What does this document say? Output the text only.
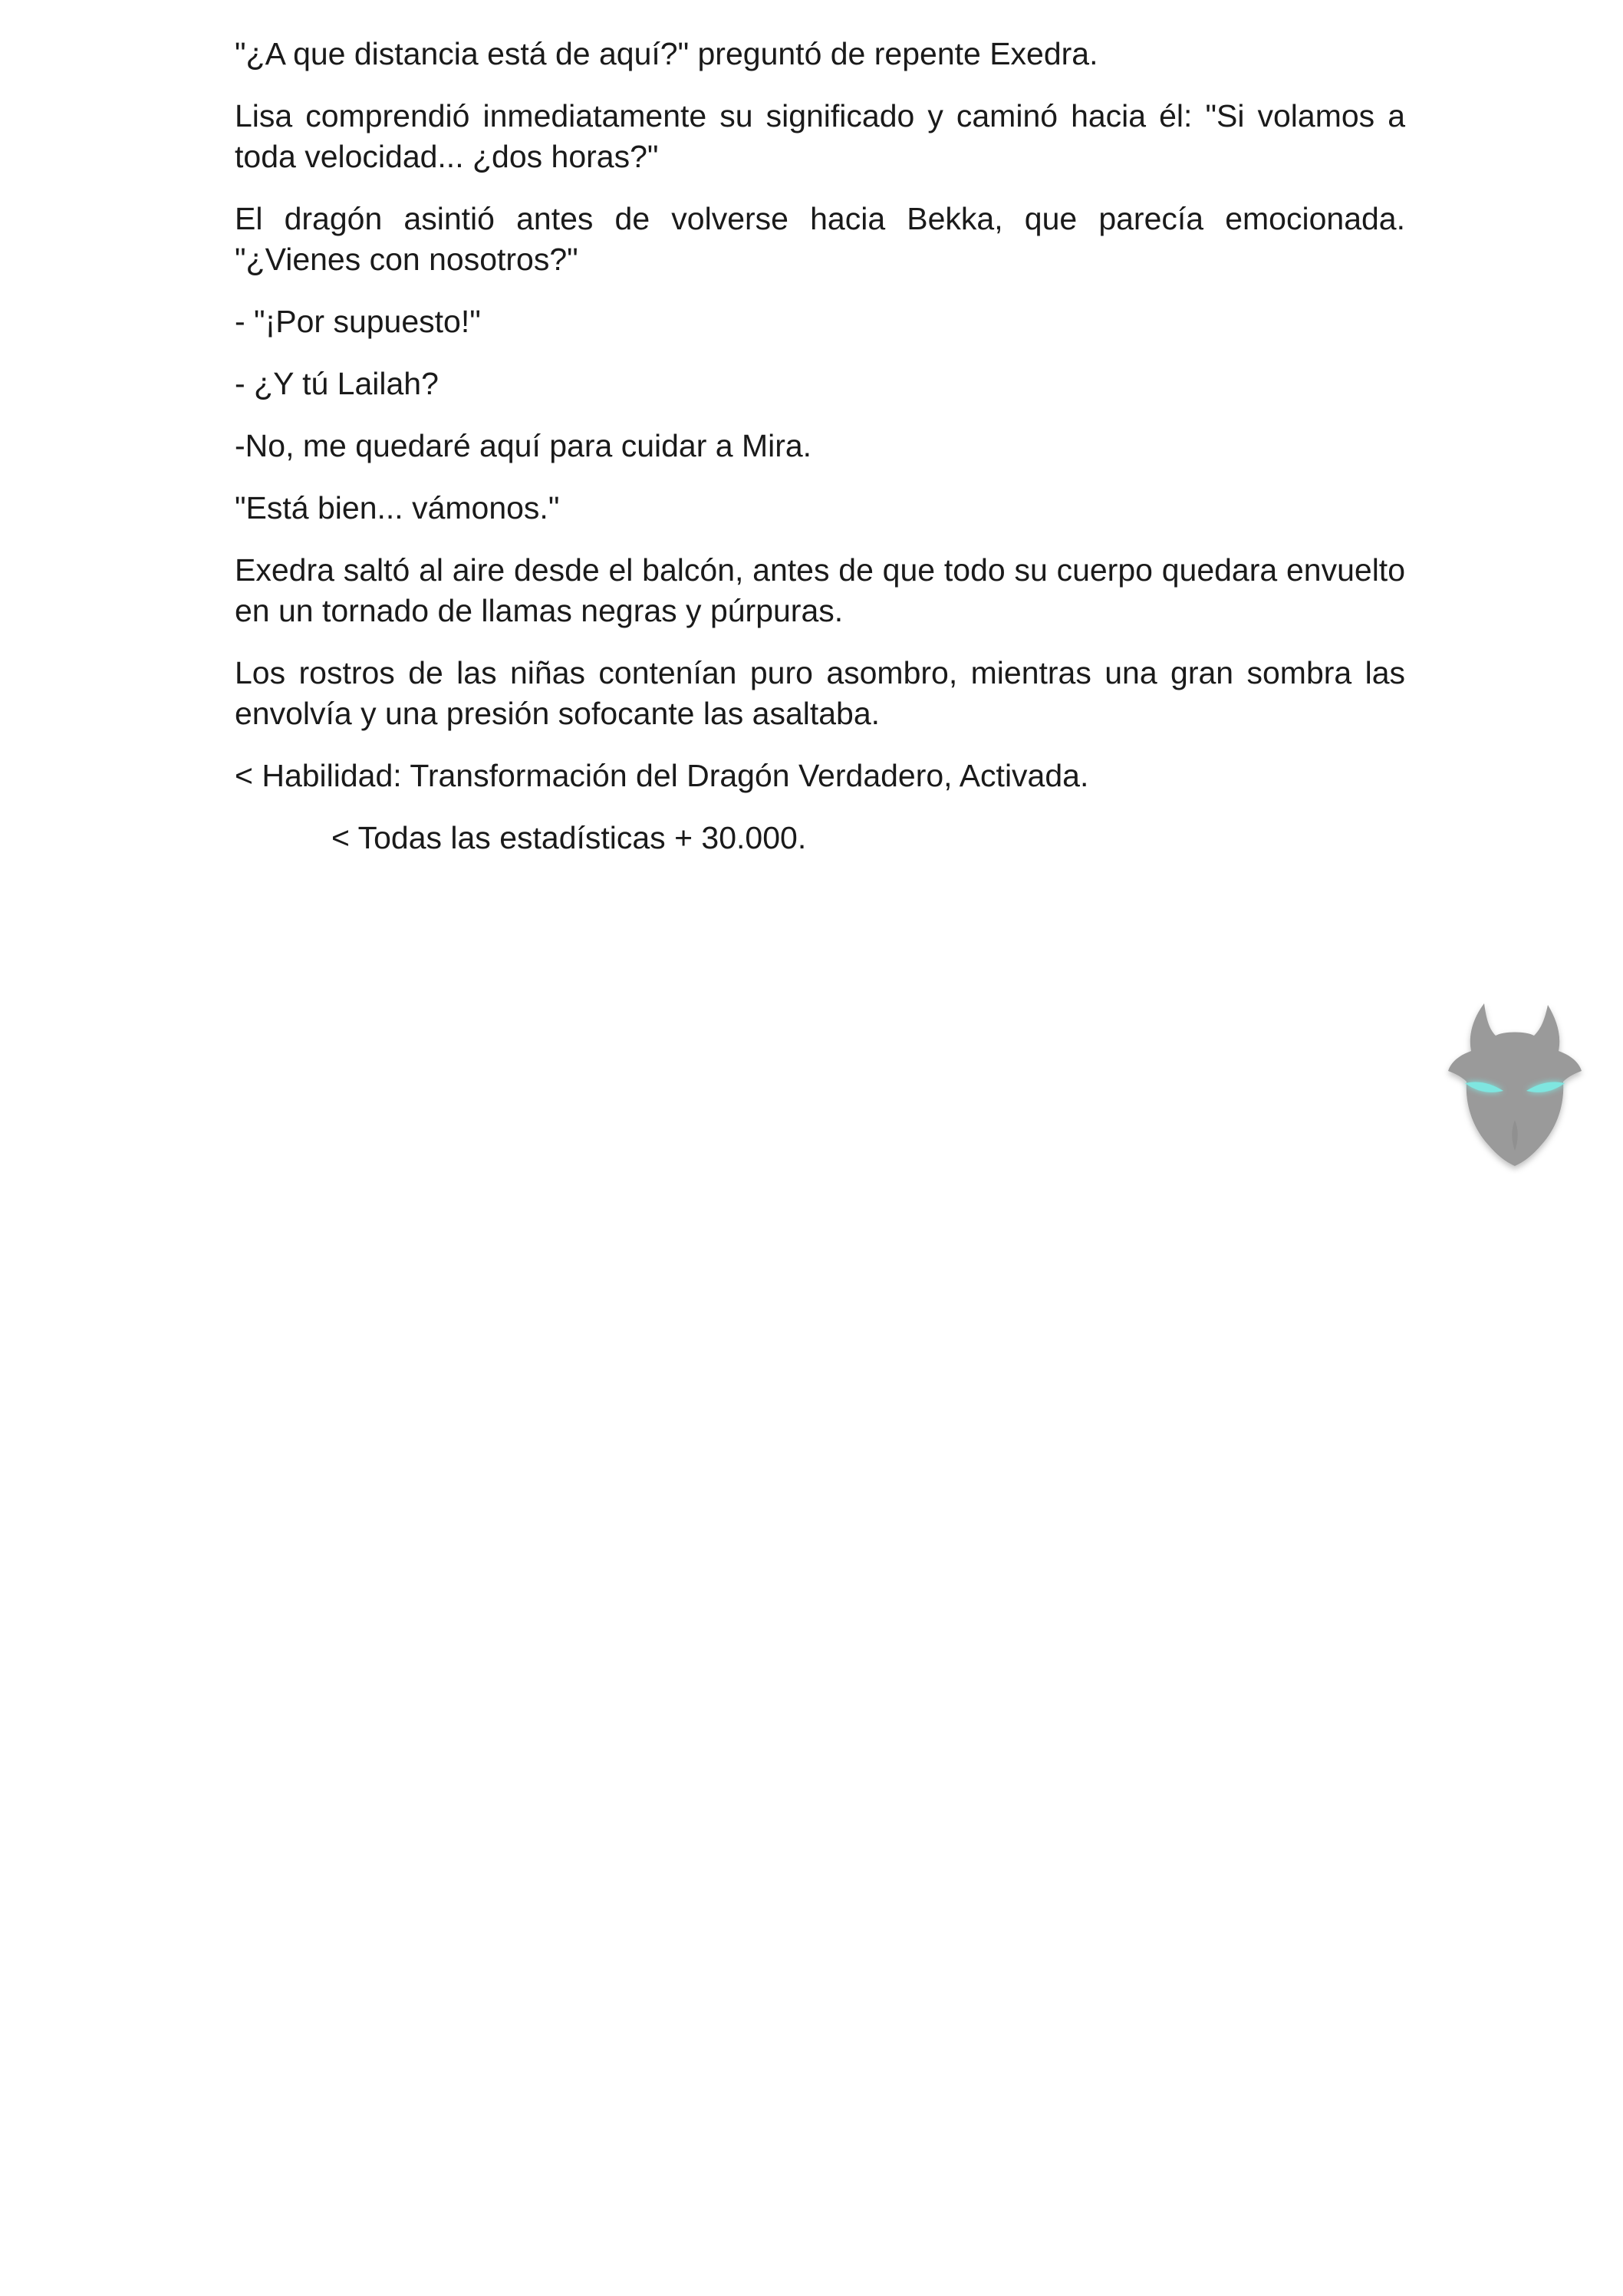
"¿A que distancia está de aquí?" preguntó de repente Exedra.

Lisa comprendió inmediatamente su significado y caminó hacia él: "Si volamos a toda velocidad... ¿dos horas?"

El dragón asintió antes de volverse hacia Bekka, que parecía emocionada. "¿Vienes con nosotros?"

- "¡Por supuesto!"

- ¿Y tú Lailah?

-No, me quedaré aquí para cuidar a Mira.

"Está bien... vámonos."

Exedra saltó al aire desde el balcón, antes de que todo su cuerpo quedara envuelto en un tornado de llamas negras y púrpuras.

Los rostros de las niñas contenían puro asombro, mientras una gran sombra las envolvía y una presión sofocante las asaltaba.

< Habilidad: Transformación del Dragón Verdadero, Activada.

< Todas las estadísticas + 30.000.
